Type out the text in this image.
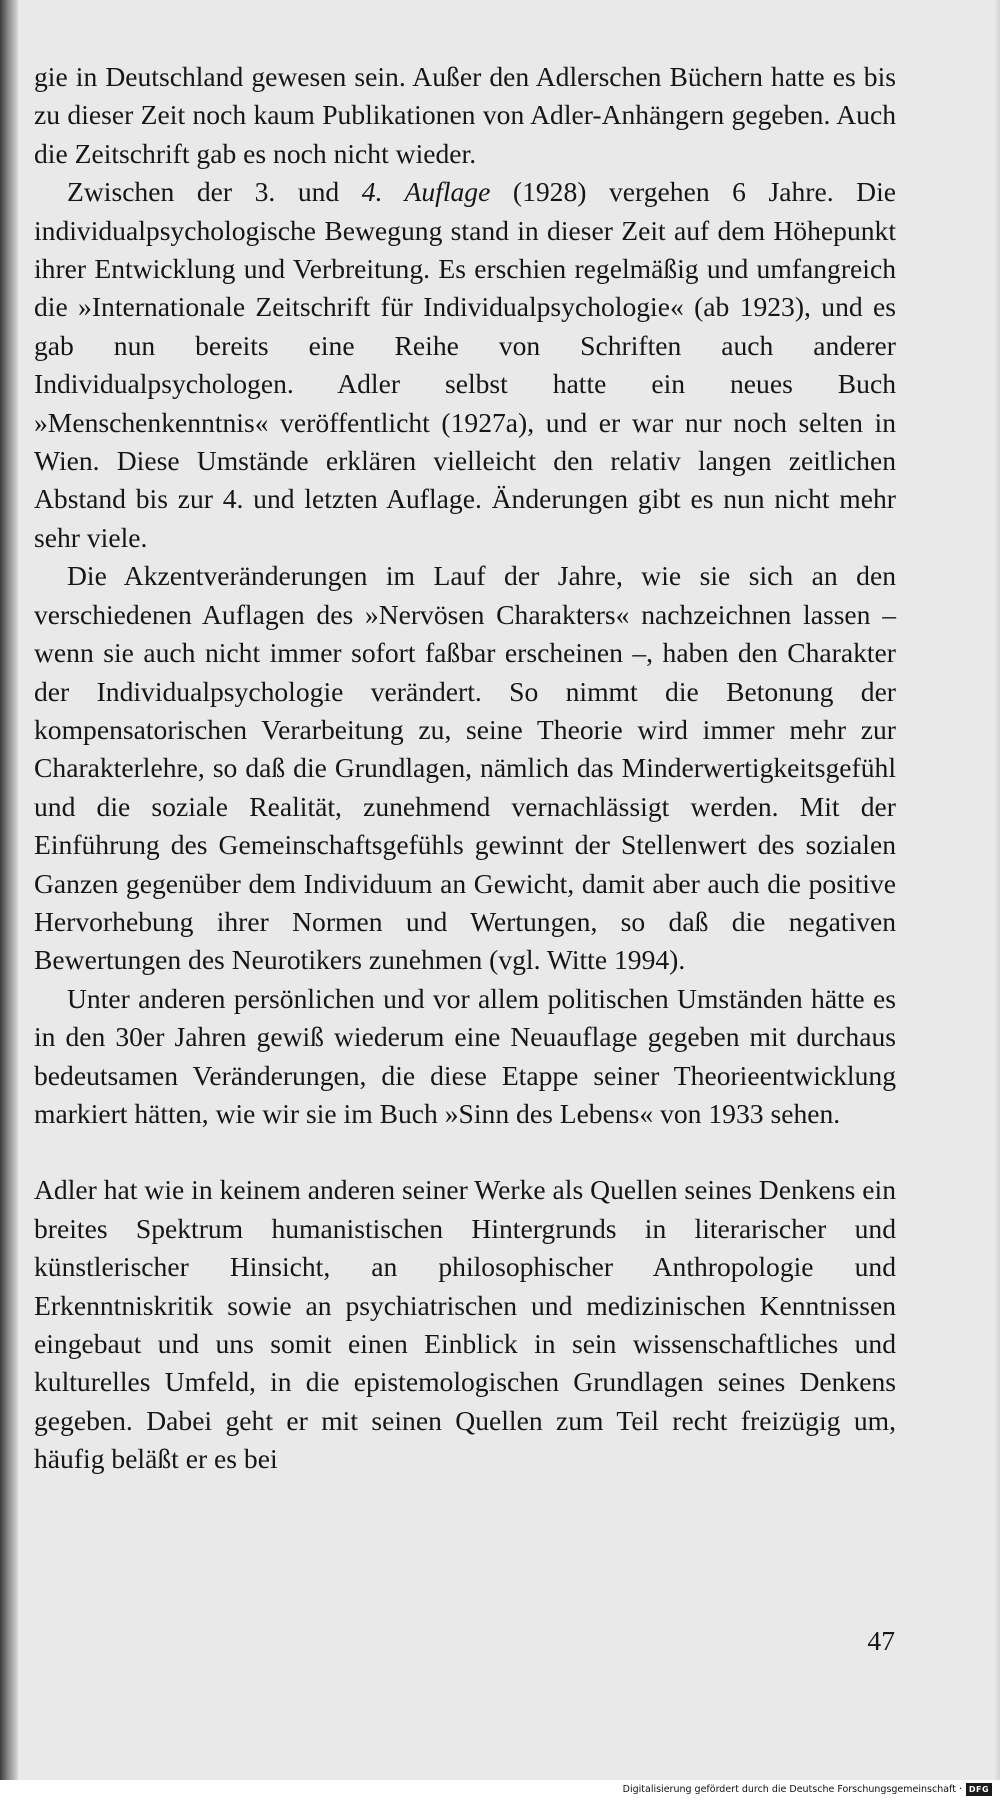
gie in Deutschland gewesen sein. Außer den Adlerschen Büchern hatte es bis zu dieser Zeit noch kaum Publikationen von Adler-Anhängern gegeben. Auch die Zeitschrift gab es noch nicht wieder.

Zwischen der 3. und 4. Auflage (1928) vergehen 6 Jahre. Die individualpsychologische Bewegung stand in dieser Zeit auf dem Höhepunkt ihrer Entwicklung und Verbreitung. Es erschien regelmäßig und umfangreich die »Internationale Zeitschrift für Individualpsychologie« (ab 1923), und es gab nun bereits eine Reihe von Schriften auch anderer Individualpsychologen. Adler selbst hatte ein neues Buch »Menschenkenntnis« veröffentlicht (1927a), und er war nur noch selten in Wien. Diese Umstände erklären vielleicht den relativ langen zeitlichen Abstand bis zur 4. und letzten Auflage. Änderungen gibt es nun nicht mehr sehr viele.

Die Akzentveränderungen im Lauf der Jahre, wie sie sich an den verschiedenen Auflagen des »Nervösen Charakters« nachzeichnen lassen – wenn sie auch nicht immer sofort faßbar erscheinen –, haben den Charakter der Individualpsychologie verändert. So nimmt die Betonung der kompensatorischen Verarbeitung zu, seine Theorie wird immer mehr zur Charakterlehre, so daß die Grundlagen, nämlich das Minderwertigkeitsgefühl und die soziale Realität, zunehmend vernachlässigt werden. Mit der Einführung des Gemeinschaftsgefühls gewinnt der Stellenwert des sozialen Ganzen gegenüber dem Individuum an Gewicht, damit aber auch die positive Hervorhebung ihrer Normen und Wertungen, so daß die negativen Bewertungen des Neurotikers zunehmen (vgl. Witte 1994).

Unter anderen persönlichen und vor allem politischen Umständen hätte es in den 30er Jahren gewiß wiederum eine Neuauflage gegeben mit durchaus bedeutsamen Veränderungen, die diese Etappe seiner Theorieentwicklung markiert hätten, wie wir sie im Buch »Sinn des Lebens« von 1933 sehen.

Adler hat wie in keinem anderen seiner Werke als Quellen seines Denkens ein breites Spektrum humanistischen Hintergrunds in literarischer und künstlerischer Hinsicht, an philosophischer Anthropologie und Erkenntniskritik sowie an psychiatrischen und medizinischen Kenntnissen eingebaut und uns somit einen Einblick in sein wissenschaftliches und kulturelles Umfeld, in die epistemologischen Grundlagen seines Denkens gegeben. Dabei geht er mit seinen Quellen zum Teil recht freizügig um, häufig beläßt er es bei

47
Digitalisierung gefördert durch die Deutsche Forschungsgemeinschaft · DFG
